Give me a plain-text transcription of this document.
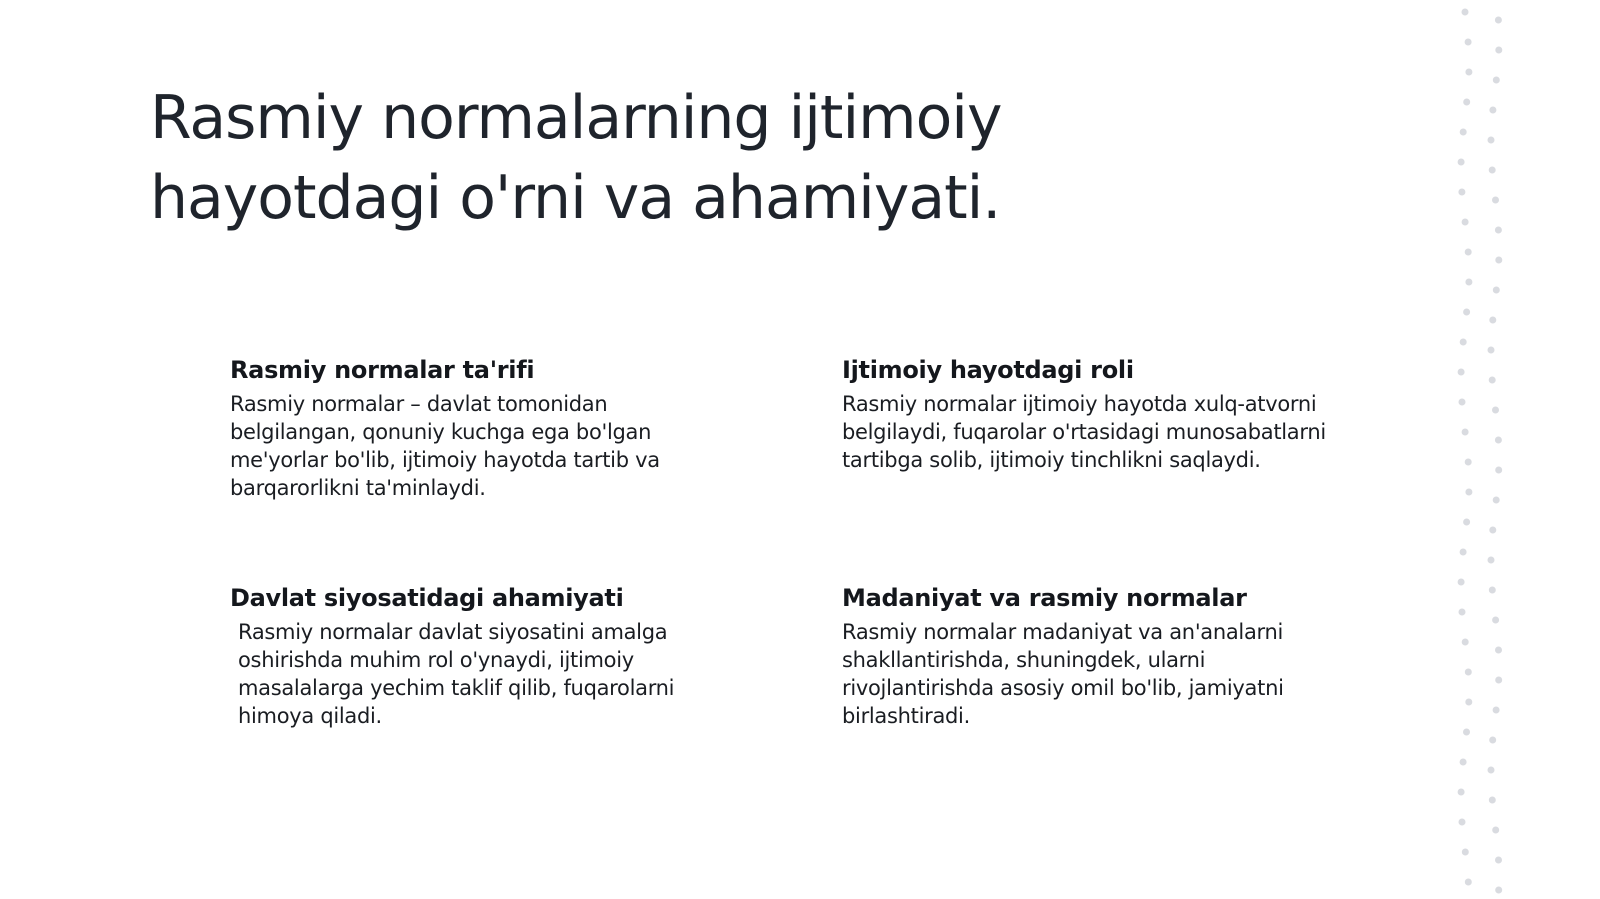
Rasmiy normalarning ijtimoiy hayotdagi o'rni va ahamiyati.
Rasmiy normalar ta'rifi

Rasmiy normalar – davlat tomonidan belgilangan, qonuniy kuchga ega bo'lgan me'yorlar bo'lib, ijtimoiy hayotda tartib va barqarorlikni ta'minlaydi.

Ijtimoiy hayotdagi roli

Rasmiy normalar ijtimoiy hayotda xulq-atvorni belgilaydi, fuqarolar o'rtasidagi munosabatlarni tartibga solib, ijtimoiy tinchlikni saqlaydi.

Davlat siyosatidagi ahamiyati

Rasmiy normalar davlat siyosatini amalga oshirishda muhim rol o'ynaydi, ijtimoiy masalalarga yechim taklif qilib, fuqarolarni himoya qiladi.

Madaniyat va rasmiy normalar

Rasmiy normalar madaniyat va an'analarni shakllantirishda, shuningdek, ularni rivojlantirishda asosiy omil bo'lib, jamiyatni birlashtiradi.
